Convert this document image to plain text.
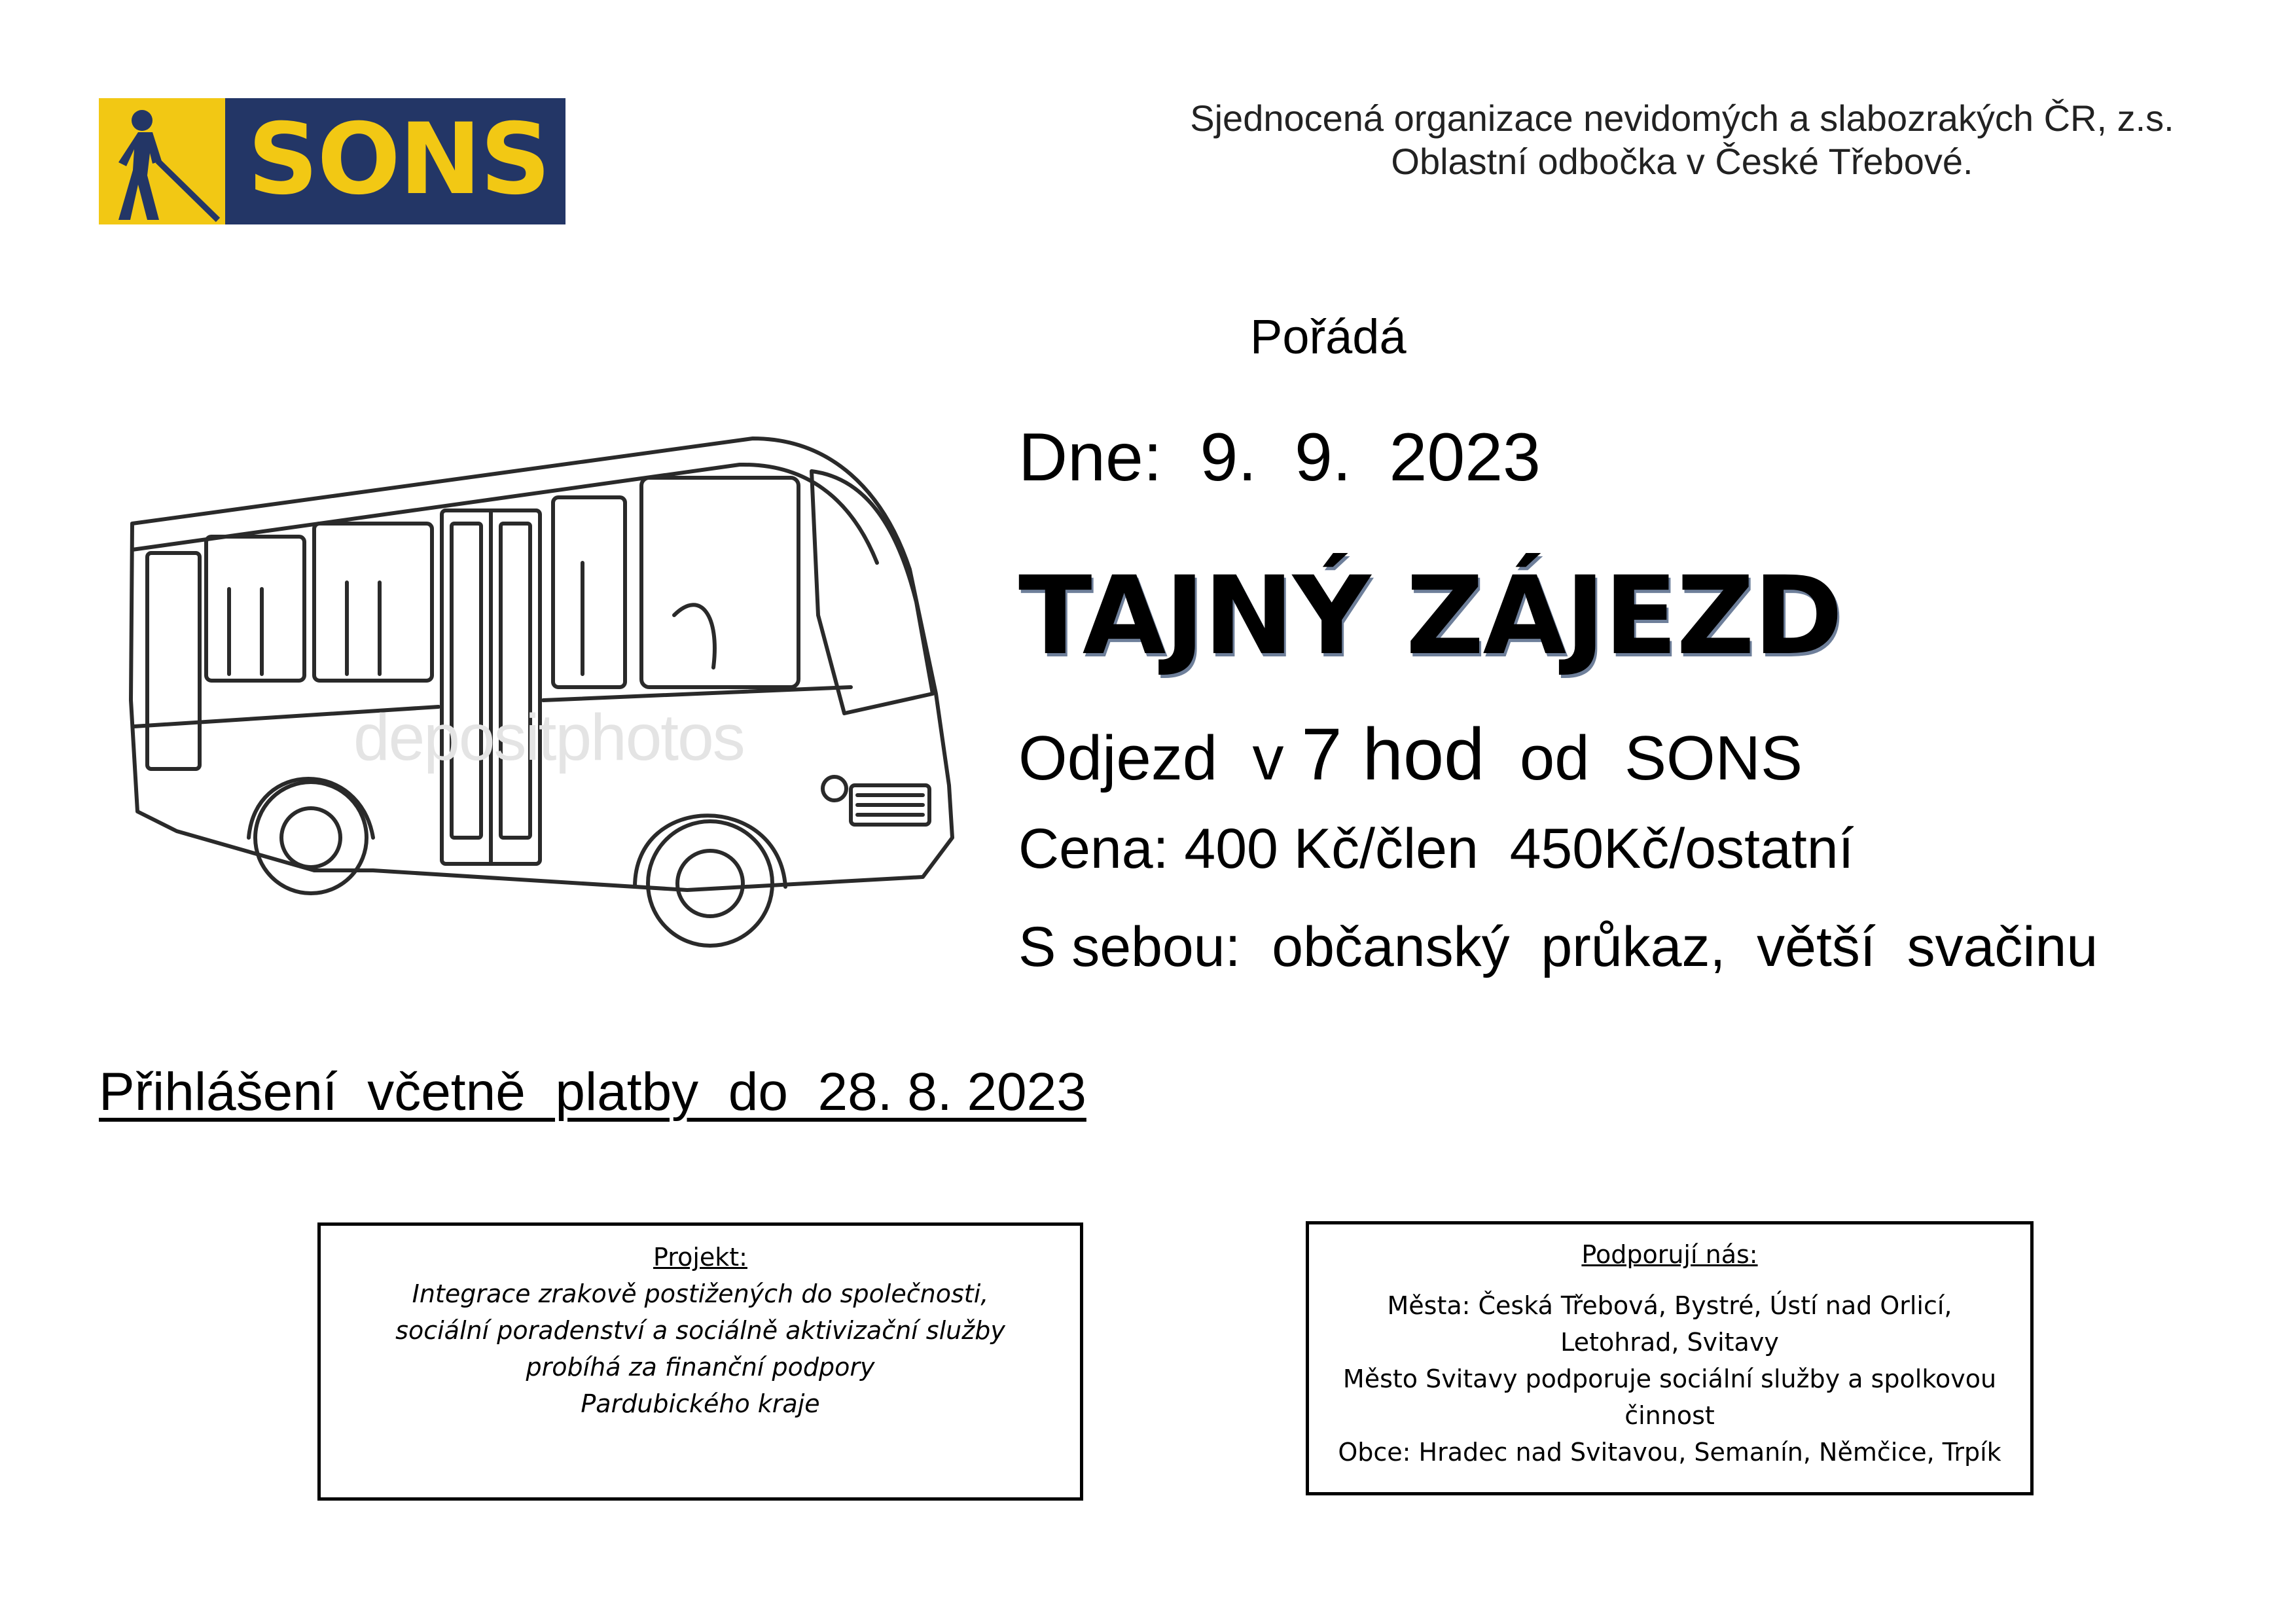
SONS	Sjednocená organizace nevidomých a slabozrakých ČR, z.s.
Oblastní odbočka v České Třebové.
Pořádá
Dne:  9.  9.  2023
TAJNÝ ZÁJEZD
Odjezd  v 7 hod  od  SONS
Cena: 400 Kč/člen  450Kč/ostatní
S sebou:  občanský  průkaz,  větší  svačinu
Přihlášení  včetně  platby  do  28. 8. 2023
depositphotos
Projekt:
Integrace zrakově postižených do společnosti,
sociální poradenství a sociálně aktivizační služby
probíhá za finanční podpory
Pardubického kraje
Podporují nás:
Města: Česká Třebová, Bystré, Ústí nad Orlicí,
Letohrad, Svitavy
Město Svitavy podporuje sociální služby a spolkovou
činnost
Obce: Hradec nad Svitavou, Semanín, Němčice, Trpík
